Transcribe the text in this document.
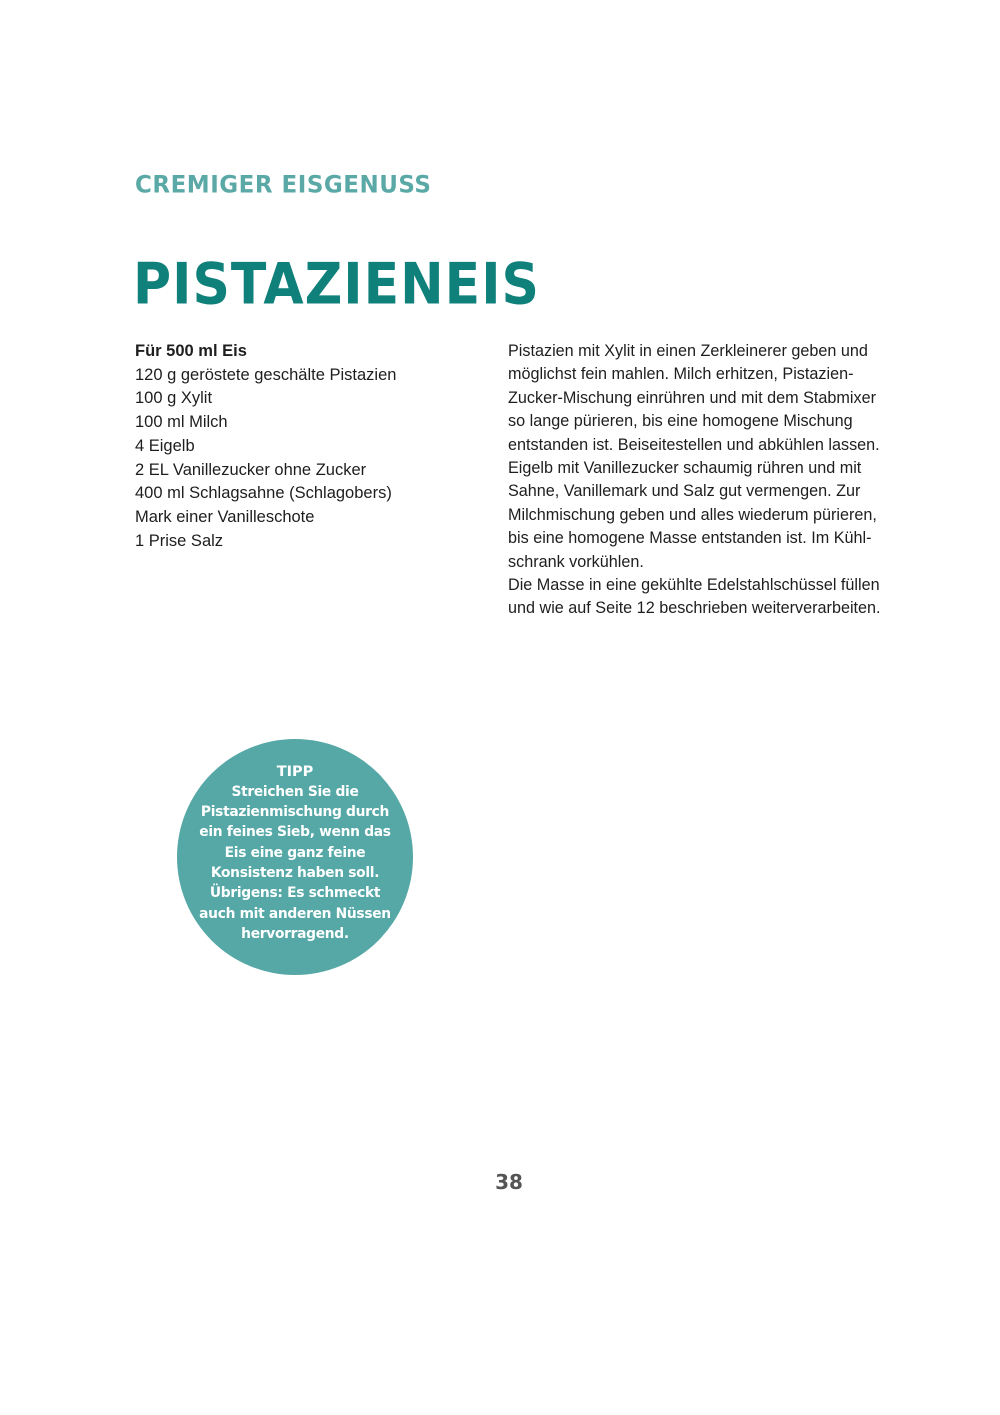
CREMIGER EISGENUSS
PISTAZIENEIS
Für 500 ml Eis
120 g geröstete geschälte Pistazien
100 g Xylit
100 ml Milch
4 Eigelb
2 EL Vanillezucker ohne Zucker
400 ml Schlagsahne (Schlagobers)
Mark einer Vanilleschote
1 Prise Salz

Pistazien mit Xylit in einen Zerkleinerer geben und möglichst fein mahlen. Milch erhitzen, Pistazien-Zucker-Mischung einrühren und mit dem Stabmixer so lange pürieren, bis eine homogene Mischung entstanden ist. Beiseitestellen und abkühlen lassen. Eigelb mit Vanillezucker schaumig rühren und mit Sahne, Vanillemark und Salz gut vermengen. Zur Milchmischung geben und alles wiederum pürieren, bis eine homogene Masse entstanden ist. Im Kühl-schrank vorkühlen.

Die Masse in eine gekühlte Edelstahlschüssel füllen und wie auf Seite 12 beschrieben weiterverarbeiten.

TIPP
Streichen Sie die Pistazienmischung durch ein feines Sieb, wenn das Eis eine ganz feine Konsistenz haben soll. Übrigens: Es schmeckt auch mit anderen Nüssen hervorragend.
38
